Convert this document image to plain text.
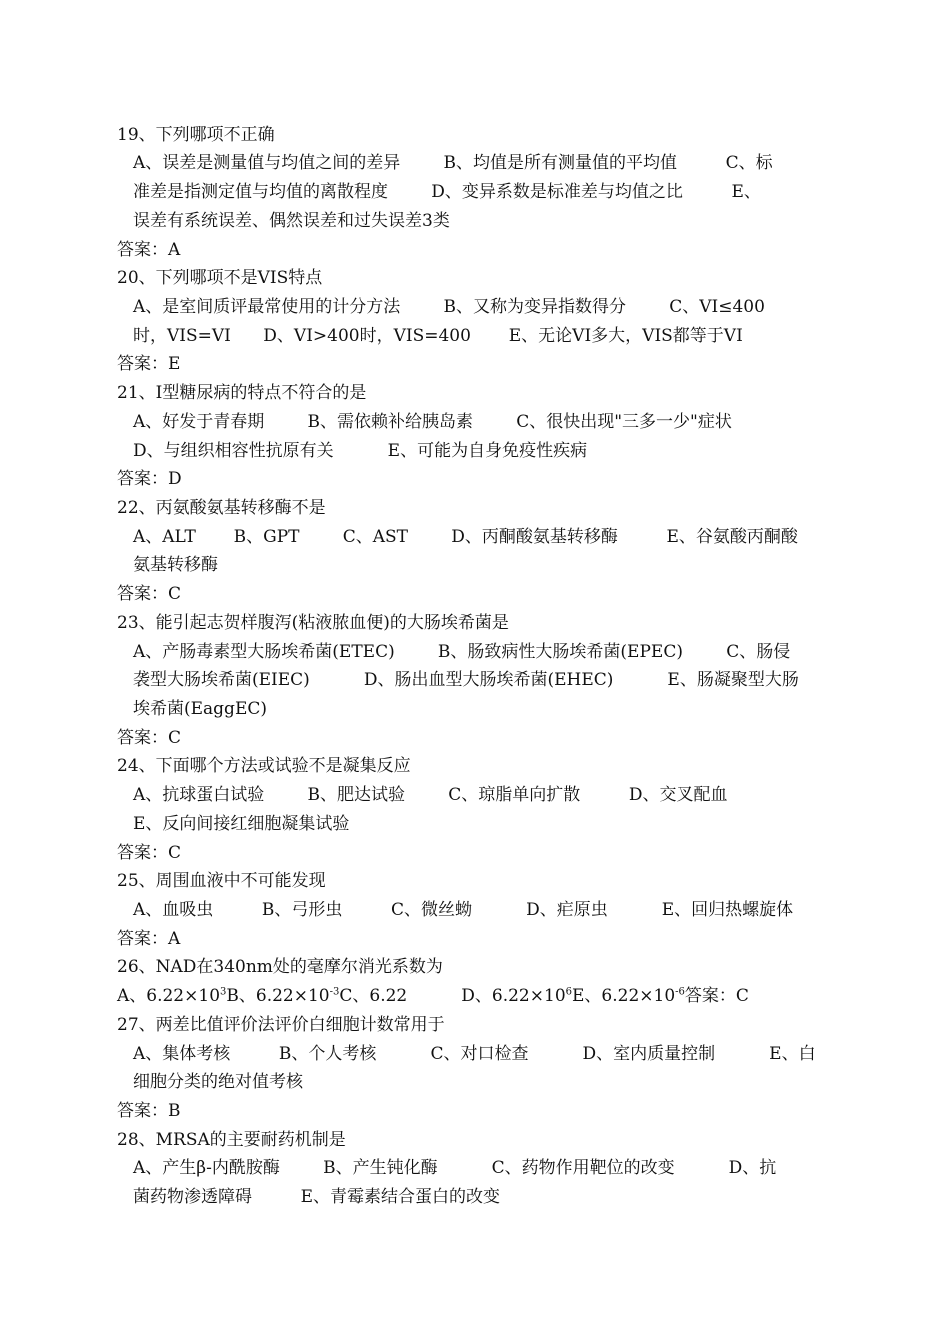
19、下列哪项不正确
A、误差是测量值与均值之间的差异        B、均值是所有测量值的平均值         C、标
准差是指测定值与均值的离散程度        D、变异系数是标准差与均值之比         E、
误差有系统误差、偶然误差和过失误差3类
答案：A
20、下列哪项不是VIS特点
A、是室间质评最常使用的计分方法        B、又称为变异指数得分        C、VI≤400
时，VIS=VI      D、VI>400时，VIS=400       E、无论VI多大，VIS都等于VI
答案：E
21、Ⅰ型糖尿病的特点不符合的是
A、好发于青春期        B、需依赖补给胰岛素        C、很快出现"三多一少"症状
D、与组织相容性抗原有关          E、可能为自身免疫性疾病
答案：D
22、丙氨酸氨基转移酶不是
A、ALT       B、GPT        C、AST        D、丙酮酸氨基转移酶         E、谷氨酸丙酮酸
氨基转移酶
答案：C
23、能引起志贺样腹泻(粘液脓血便)的大肠埃希菌是
A、产肠毒素型大肠埃希菌(ETEC)        B、肠致病性大肠埃希菌(EPEC)        C、肠侵
袭型大肠埃希菌(EIEC)          D、肠出血型大肠埃希菌(EHEC)          E、肠凝聚型大肠
埃希菌(EaggEC)
答案：C
24、下面哪个方法或试验不是凝集反应
A、抗球蛋白试验        B、肥达试验        C、琼脂单向扩散         D、交叉配血
E、反向间接红细胞凝集试验
答案：C
25、周围血液中不可能发现
A、血吸虫         B、弓形虫         C、微丝蚴          D、疟原虫          E、回归热螺旋体
答案：A
26、NAD在340nm处的毫摩尔消光系数为
A、$6.22\times 10^3B$、$6.22\times 10^{-3}C$、6.22          D、$6.22\times 10^6E$、$6.22\times 10^{-6}$答案：C
27、两差比值评价法评价白细胞计数常用于
A、集体考核         B、个人考核          C、对口检查          D、室内质量控制          E、白
细胞分类的绝对值考核
答案：B
28、MRSA的主要耐药机制是
A、产生β-内酰胺酶        B、产生钝化酶          C、药物作用靶位的改变          D、抗
菌药物渗透障碍         E、青霉素结合蛋白的改变
